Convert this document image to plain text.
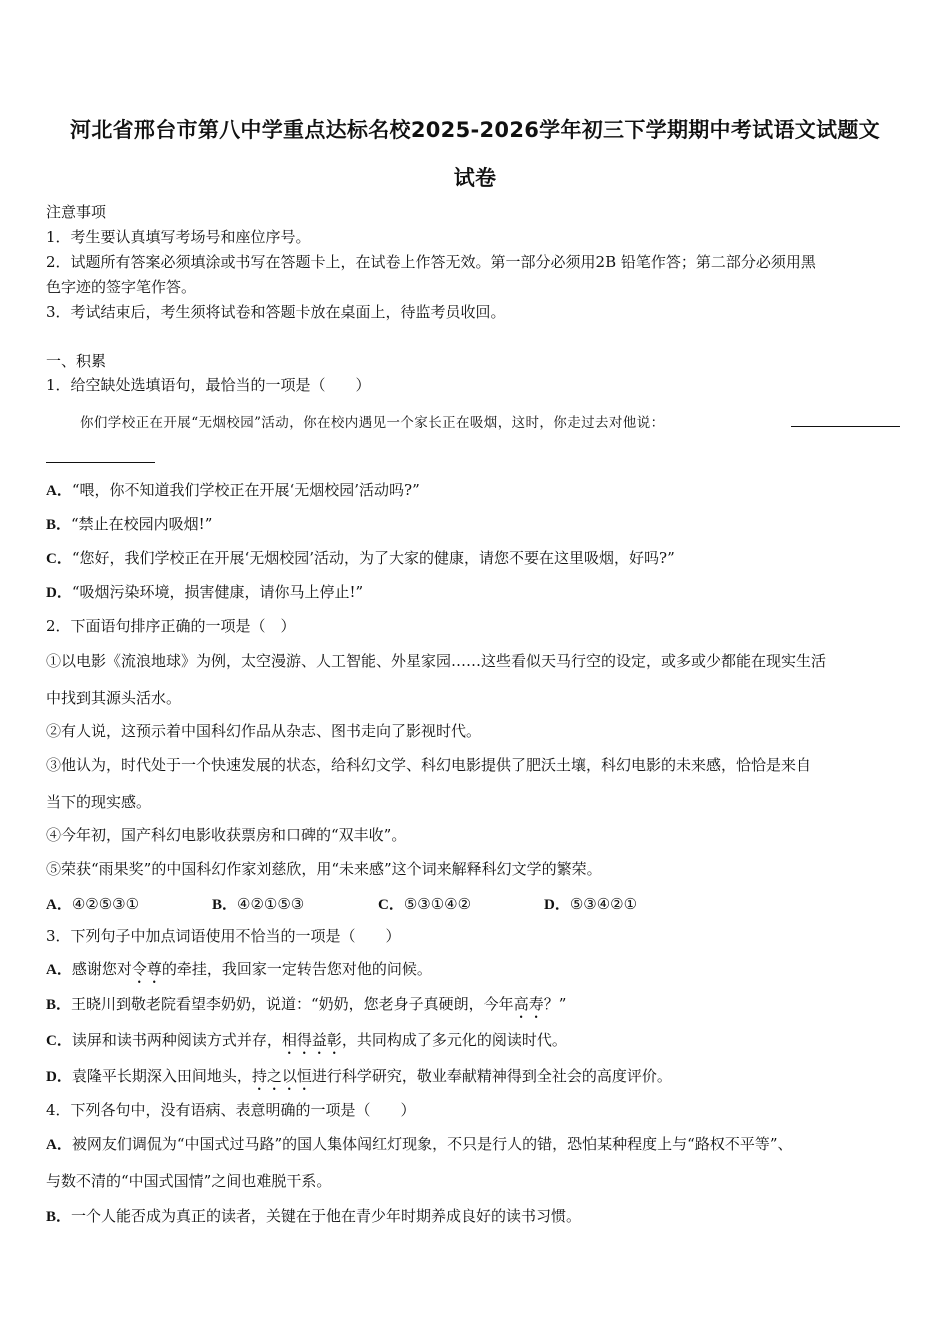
河北省邢台市第八中学重点达标名校2025-2026学年初三下学期期中考试语文试题文
试卷
注意事项
1．考生要认真填写考场号和座位序号。
2．试题所有答案必须填涂或书写在答题卡上，在试卷上作答无效。第一部分必须用2B 铅笔作答；第二部分必须用黑
色字迹的签字笔作答。
3．考试结束后，考生须将试卷和答题卡放在桌面上，待监考员收回。
一、积累
1．给空缺处选填语句，最恰当的一项是（　　）
你们学校正在开展“无烟校园”活动，你在校内遇见一个家长正在吸烟，这时，你走过去对他说：
A．“喂，你不知道我们学校正在开展‘无烟校园’活动吗?”
B．“禁止在校园内吸烟!”
C．“您好，我们学校正在开展‘无烟校园’活动，为了大家的健康，请您不要在这里吸烟，好吗?”
D．“吸烟污染环境，损害健康，请你马上停止!”
2．下面语句排序正确的一项是（　）
①以电影《流浪地球》为例，太空漫游、人工智能、外星家园……这些看似天马行空的设定，或多或少都能在现实生活
中找到其源头活水。
②有人说，这预示着中国科幻作品从杂志、图书走向了影视时代。
③他认为，时代处于一个快速发展的状态，给科幻文学、科幻电影提供了肥沃土壤，科幻电影的未来感，恰恰是来自
当下的现实感。
④今年初，国产科幻电影收获票房和口碑的“双丰收”。
⑤荣获“雨果奖”的中国科幻作家刘慈欣，用“未来感”这个词来解释科幻文学的繁荣。
A．④②⑤③①	B．④②①⑤③	C．⑤③①④②	D．⑤③④②①
3．下列句子中加点词语使用不恰当的一项是（　　）
A．感谢您对令尊的牵挂，我回家一定转告您对他的问候。
B．王晓川到敬老院看望李奶奶，说道：“奶奶，您老身子真硬朗，今年高寿？”
C．读屏和读书两种阅读方式并存，相得益彰，共同构成了多元化的阅读时代。
D．袁隆平长期深入田间地头，持之以恒进行科学研究，敬业奉献精神得到全社会的高度评价。
4．下列各句中，没有语病、表意明确的一项是（　　）
A．被网友们调侃为“中国式过马路”的国人集体闯红灯现象，不只是行人的错，恐怕某种程度上与“路权不平等”、
与数不清的“中国式国情”之间也难脱干系。
B．一个人能否成为真正的读者，关键在于他在青少年时期养成良好的读书习惯。
